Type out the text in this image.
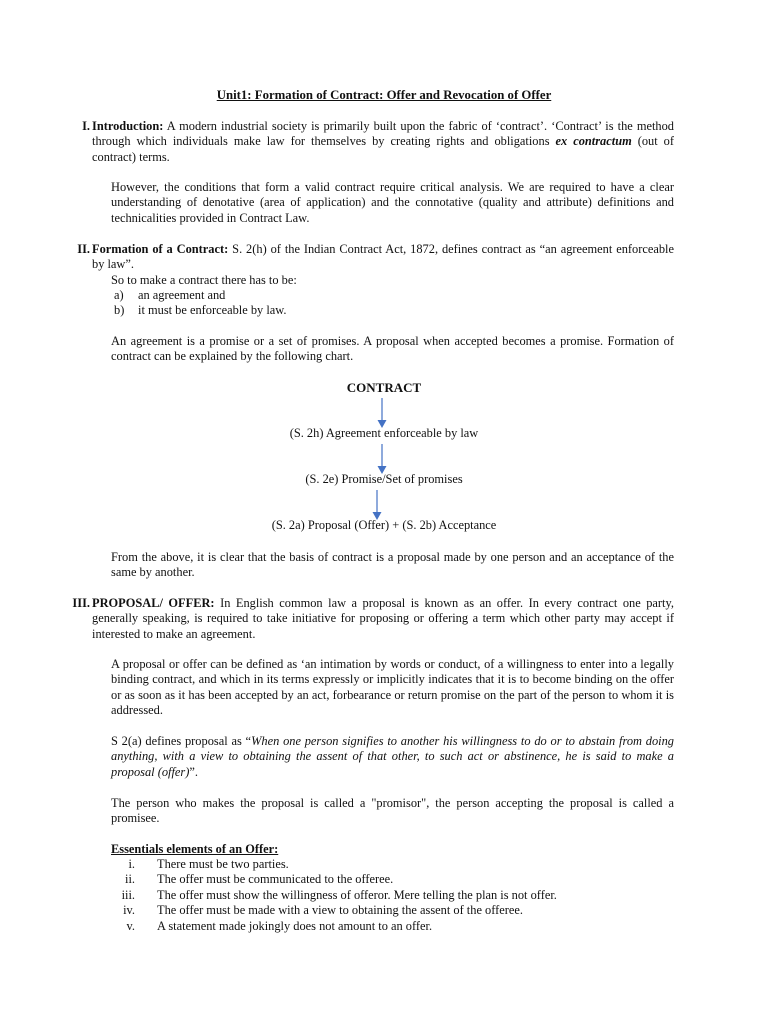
Unit1: Formation of Contract: Offer and Revocation of Offer
I. Introduction: A modern industrial society is primarily built upon the fabric of ‘contract’. ‘Contract’ is the method through which individuals make law for themselves by creating rights and obligations ex contractum (out of contract) terms.
However, the conditions that form a valid contract require critical analysis. We are required to have a clear understanding of denotative (area of application) and the connotative (quality and attribute) definitions and technicalities provided in Contract Law.
II. Formation of a Contract: S. 2(h) of the Indian Contract Act, 1872, defines contract as “an agreement enforceable by law”.
So to make a contract there has to be:
a) an agreement and
b) it must be enforceable by law.
An agreement is a promise or a set of promises. A proposal when accepted becomes a promise. Formation of contract can be explained by the following chart.
CONTRACT
(S. 2h) Agreement enforceable by law
(S. 2e) Promise/Set of promises
(S. 2a) Proposal (Offer) + (S. 2b) Acceptance
From the above, it is clear that the basis of contract is a proposal made by one person and an acceptance of the same by another.
III. PROPOSAL/ OFFER: In English common law a proposal is known as an offer. In every contract one party, generally speaking, is required to take initiative for proposing or offering a term which other party may accept if interested to make an agreement.
A proposal or offer can be defined as ‘an intimation by words or conduct, of a willingness to enter into a legally binding contract, and which in its terms expressly or implicitly indicates that it is to become binding on the offer or as soon as it has been accepted by an act, forbearance or return promise on the part of the person to whom it is addressed.
S 2(a) defines proposal as “When one person signifies to another his willingness to do or to abstain from doing anything, with a view to obtaining the assent of that other, to such act or abstinence, he is said to make a proposal (offer)”.
The person who makes the proposal is called a "promisor", the person accepting the proposal is called a promisee.
Essentials elements of an Offer:
i. There must be two parties.
ii. The offer must be communicated to the offeree.
iii. The offer must show the willingness of offeror. Mere telling the plan is not offer.
iv. The offer must be made with a view to obtaining the assent of the offeree.
v. A statement made jokingly does not amount to an offer.
